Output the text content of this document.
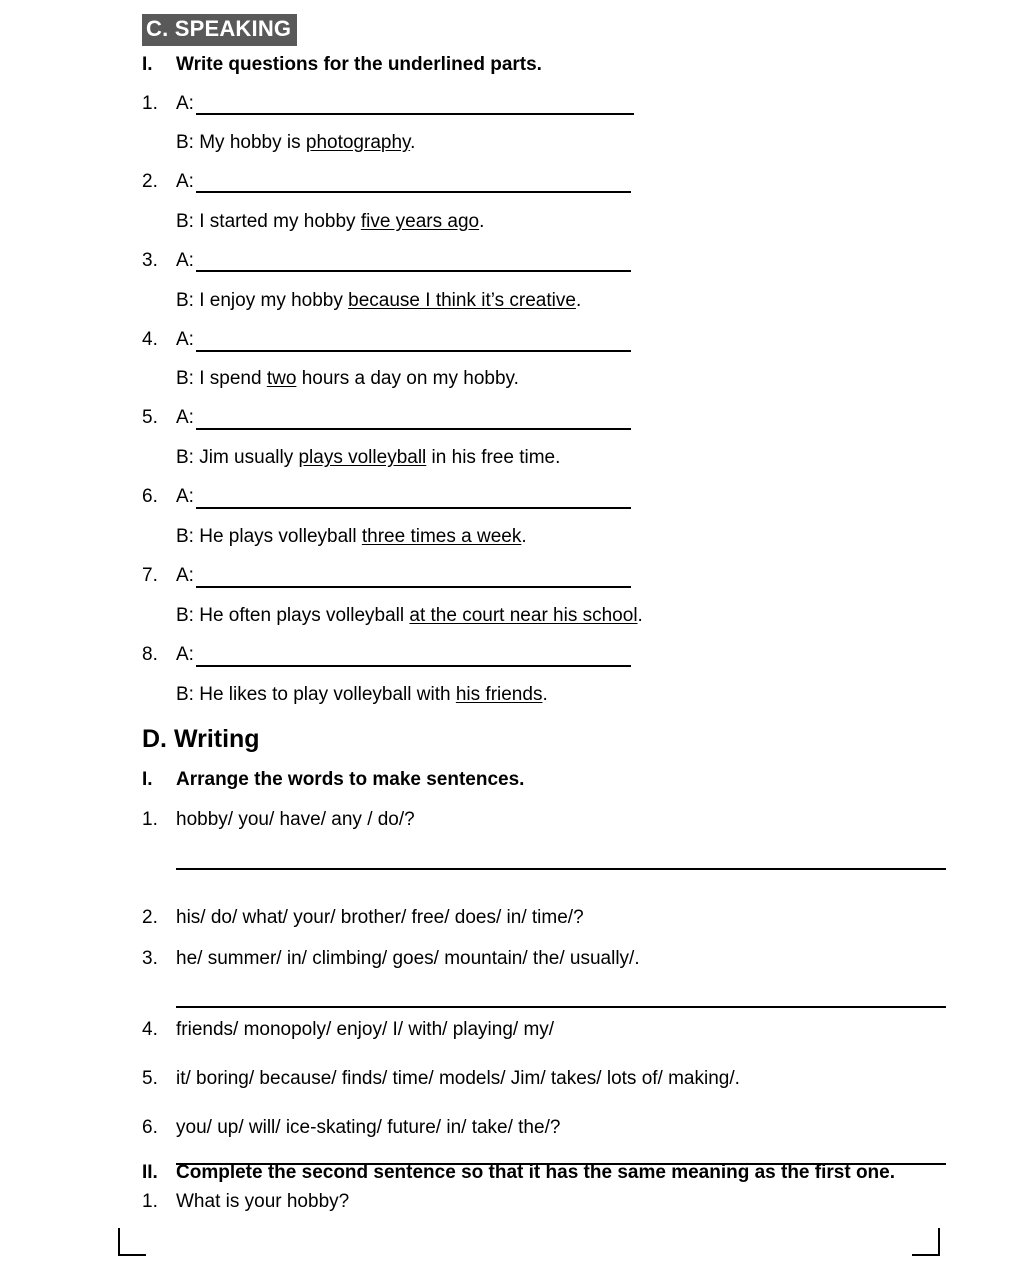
C. SPEAKING
I. Write questions for the underlined parts.
1. A:
B: My hobby is photography.
2. A:
B: I started my hobby five years ago.
3. A:
B: I enjoy my hobby because I think it’s creative.
4. A:
B: I spend two hours a day on my hobby.
5. A:
B: Jim usually plays volleyball in his free time.
6. A:
B: He plays volleyball three times a week.
7. A:
B: He often plays volleyball at the court near his school.
8. A:
B: He likes to play volleyball with his friends.
D. Writing
I. Arrange the words to make sentences.
1. hobby/ you/ have/ any / do/?
2. his/ do/ what/ your/ brother/ free/ does/ in/ time/?
3. he/ summer/ in/ climbing/ goes/ mountain/ the/ usually/.
4. friends/ monopoly/ enjoy/ I/ with/ playing/ my/
5. it/ boring/ because/ finds/ time/ models/ Jim/ takes/ lots of/ making/.
6. you/ up/ will/ ice-skating/ future/ in/ take/ the/?
II. Complete the second sentence so that it has the same meaning as the first one.
1. What is your hobby?
